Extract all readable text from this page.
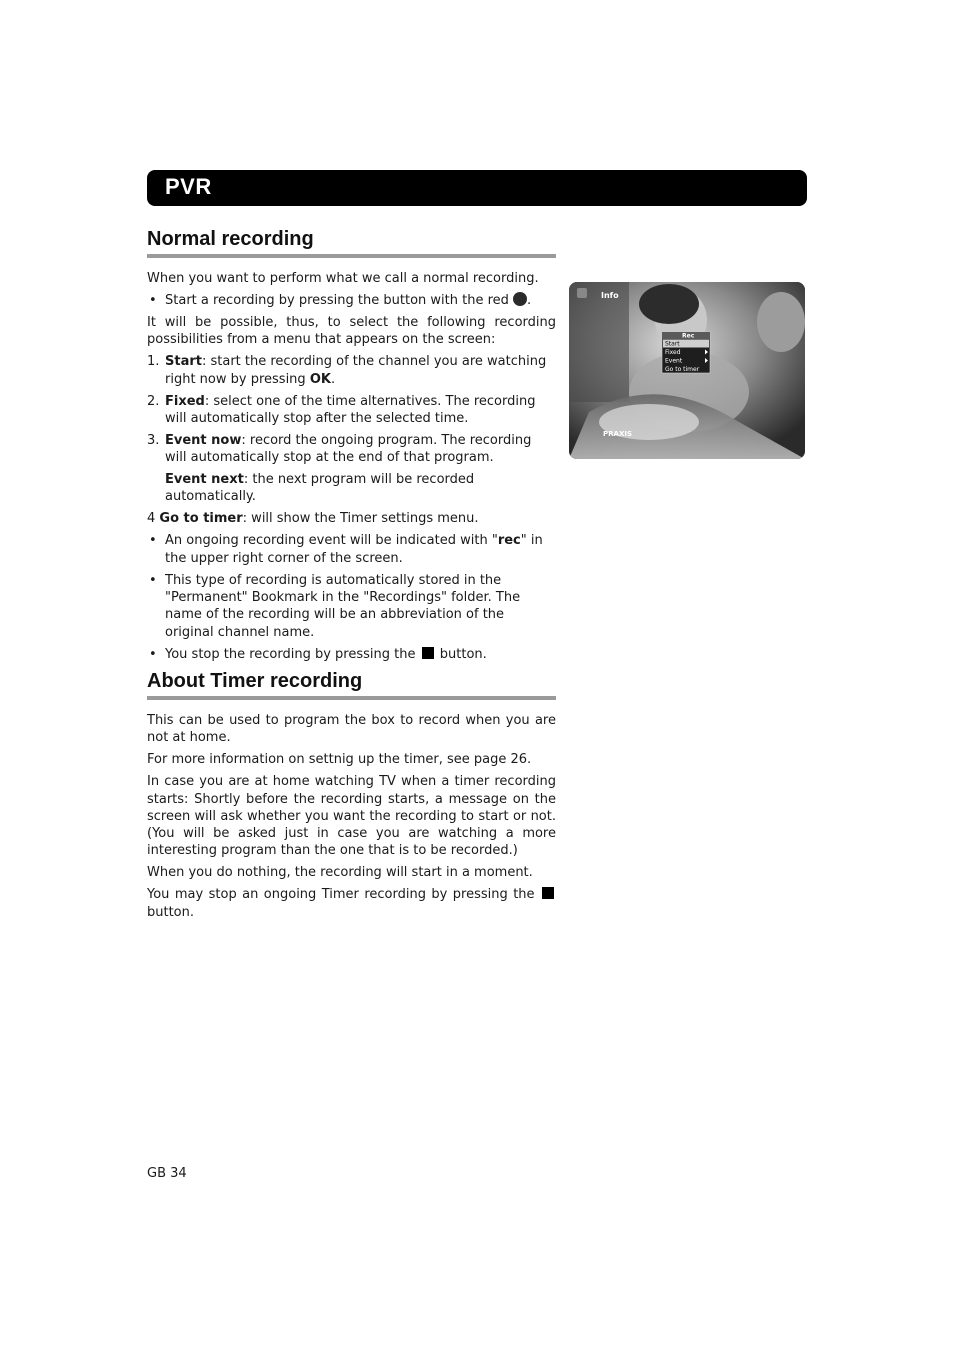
PVR
Normal recording

When you want to perform what we call a normal recording.

• Start a recording by pressing the button with the red .

It will be possible, thus, to select the following recording possibilities from a menu that appears on the screen:

1. Start: start the recording of the channel you are watching right now by pressing OK.
2. Fixed: select one of the time alternatives. The recording will automatically stop after the selected time.
3. Event now: record the ongoing program. The recording will automatically stop at the end of that program.
Event next: the next program will be recorded automatically.

4 Go to timer: will show the Timer settings menu.

• An ongoing recording event will be indicated with "rec" in the upper right corner of the screen.
• This type of recording is automatically stored in the "Permanent" Bookmark in the "Recordings" folder. The name of the recording will be an abbreviation of the original channel name.
• You stop the recording by pressing the button.
About Timer recording

This can be used to program the box to record when you are not at home.

For more information on settnig up the timer, see page 26.

In case you are at home watching TV when a timer recording starts: Shortly before the recording starts, a message on the screen will ask whether you want the recording to start or not. (You will be asked just in case you are watching a more interesting program than the one that is to be recorded.)

When you do nothing, the recording will start in a moment.

You may stop an ongoing Timer recording by pressing the  button.

Info
Rec
Start
Fixed
Event
Go to timer
PRAXIS
GB 34
